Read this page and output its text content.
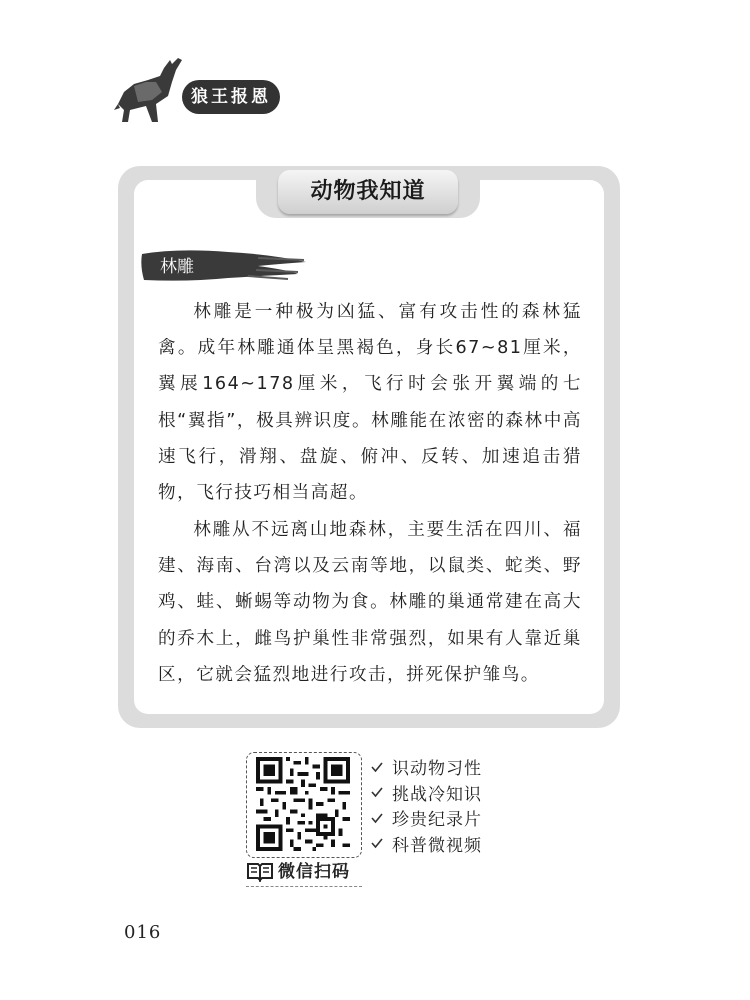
狼王报恩
动物我知道
林雕

林雕是一种极为凶猛、富有攻击性的森林猛禽。成年林雕通体呈黑褐色，身长67~81厘米，翼展164~178厘米，飞行时会张开翼端的七根“翼指”，极具辨识度。林雕能在浓密的森林中高速飞行，滑翔、盘旋、俯冲、反转、加速追击猎物，飞行技巧相当高超。

林雕从不远离山地森林，主要生活在四川、福建、海南、台湾以及云南等地，以鼠类、蛇类、野鸡、蛙、蜥蜴等动物为食。林雕的巢通常建在高大的乔木上，雌鸟护巢性非常强烈，如果有人靠近巢区，它就会猛烈地进行攻击，拼死保护雏鸟。

微信扫码
识动物习性
挑战冷知识
珍贵纪录片
科普微视频
016
